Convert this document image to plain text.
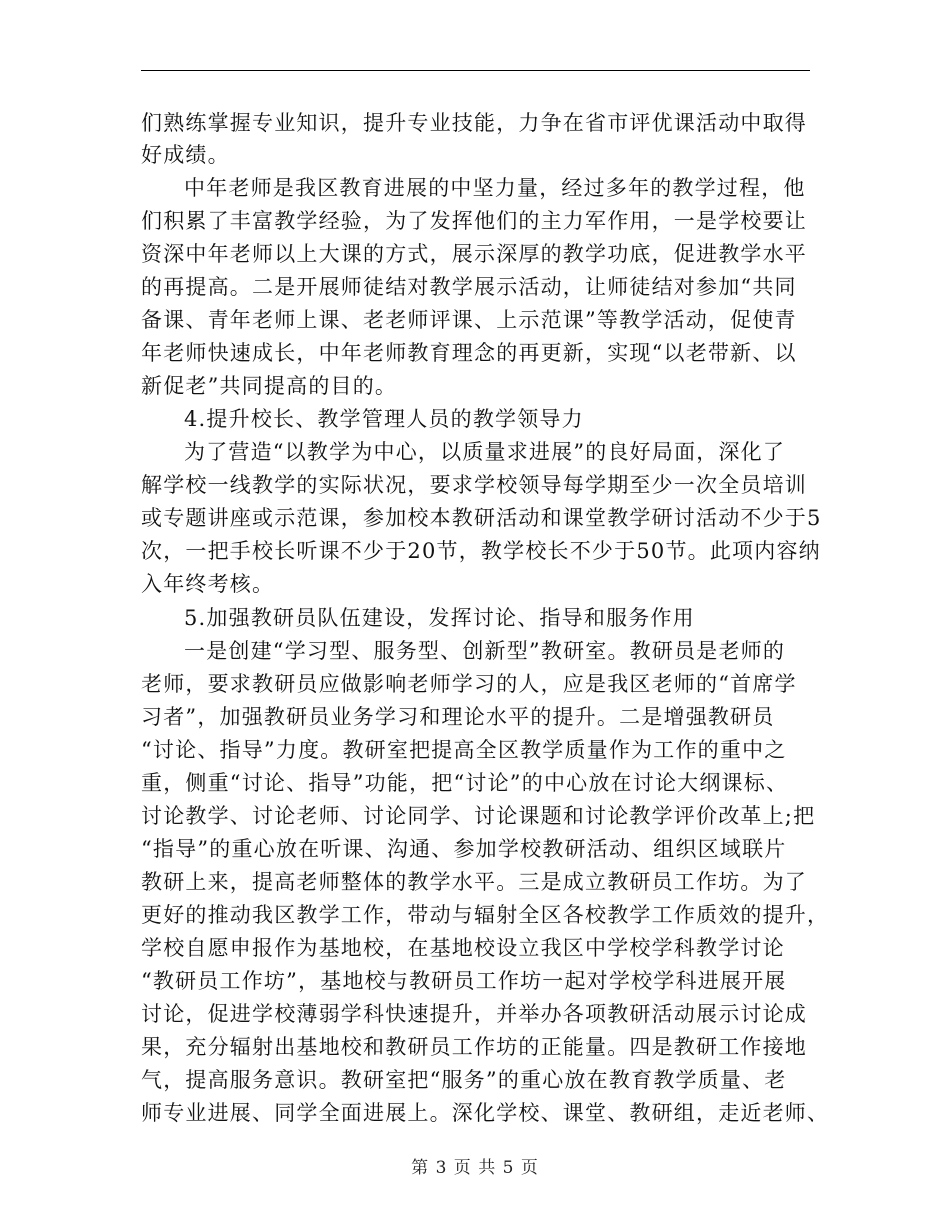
们熟练掌握专业知识，提升专业技能，力争在省市评优课活动中取得
好成绩。
中年老师是我区教育进展的中坚力量，经过多年的教学过程，他
们积累了丰富教学经验，为了发挥他们的主力军作用，一是学校要让
资深中年老师以上大课的方式，展示深厚的教学功底，促进教学水平
的再提高。二是开展师徒结对教学展示活动，让师徒结对参加“共同
备课、青年老师上课、老老师评课、上示范课”等教学活动，促使青
年老师快速成长，中年老师教育理念的再更新，实现“以老带新、以
新促老”共同提高的目的。
4.提升校长、教学管理人员的教学领导力
为了营造“以教学为中心，以质量求进展”的良好局面，深化了
解学校一线教学的实际状况，要求学校领导每学期至少一次全员培训
或专题讲座或示范课，参加校本教研活动和课堂教学研讨活动不少于5
次，一把手校长听课不少于20节，教学校长不少于50节。此项内容纳
入年终考核。
5.加强教研员队伍建设，发挥讨论、指导和服务作用
一是创建“学习型、服务型、创新型”教研室。教研员是老师的
老师，要求教研员应做影响老师学习的人，应是我区老师的“首席学
习者”，加强教研员业务学习和理论水平的提升。二是增强教研员
“讨论、指导”力度。教研室把提高全区教学质量作为工作的重中之
重，侧重“讨论、指导”功能，把“讨论”的中心放在讨论大纲课标、
讨论教学、讨论老师、讨论同学、讨论课题和讨论教学评价改革上;把
“指导”的重心放在听课、沟通、参加学校教研活动、组织区域联片
教研上来，提高老师整体的教学水平。三是成立教研员工作坊。为了
更好的推动我区教学工作，带动与辐射全区各校教学工作质效的提升，
学校自愿申报作为基地校，在基地校设立我区中学校学科教学讨论
“教研员工作坊”，基地校与教研员工作坊一起对学校学科进展开展
讨论，促进学校薄弱学科快速提升，并举办各项教研活动展示讨论成
果，充分辐射出基地校和教研员工作坊的正能量。四是教研工作接地
气，提高服务意识。教研室把“服务”的重心放在教育教学质量、老
师专业进展、同学全面进展上。深化学校、课堂、教研组，走近老师、
第 3 页 共 5 页
